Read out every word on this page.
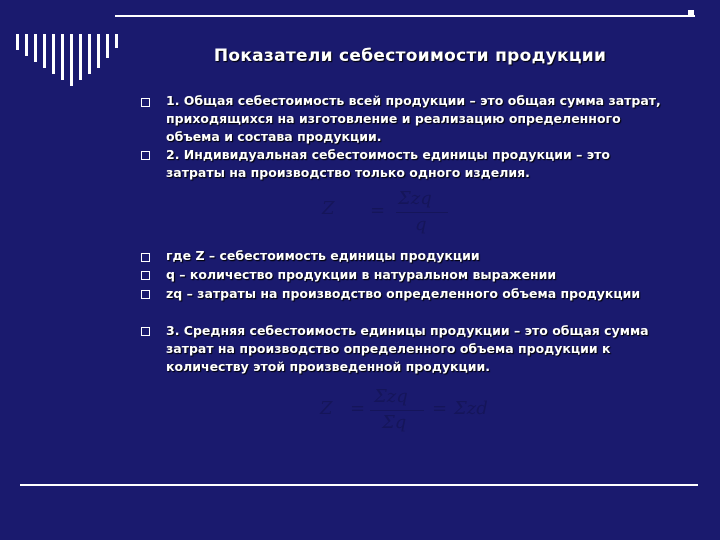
Показатели себестоимости продукции
1. Общая себестоимость всей продукции – это общая сумма затрат, приходящихся на изготовление и реализацию определенного объема и состава продукции.
2. Индивидуальная себестоимость единицы продукции – это затраты на производство только одного изделия.
Z =
Σzq
q
где Z – себестоимость единицы продукции
q – количество продукции в натуральном выражении
zq – затраты на производство определенного объема продукции
3. Средняя себестоимость единицы продукции – это общая сумма затрат на производство определенного объема продукции к количеству этой произведенной продукции.
Z =
Σzq
Σq
= Σzd
